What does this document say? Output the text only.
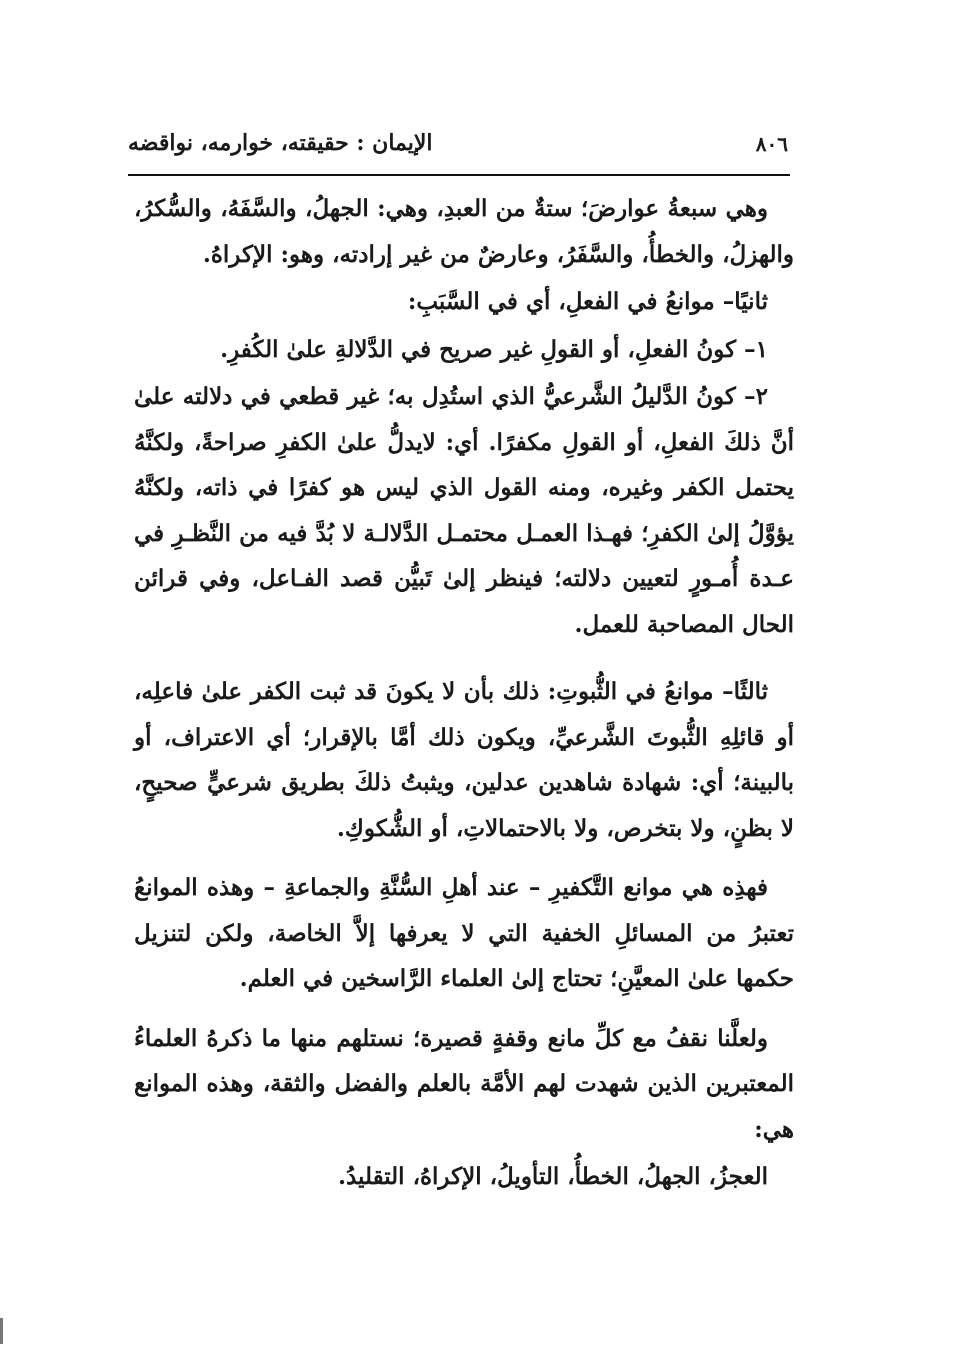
٨٠٦
الإيمان : حقيقته، خوارمه، نواقضه

وهي سبعةُ عوارضَ؛ ستةٌ من العبدِ، وهي: الجهلُ، والسَّفَهُ، والسُّكرُ، والهزلُ، والخطأُ، والسَّفَرُ، وعارضٌ من غير إرادته، وهو: الإكراهُ.

ثانيًا– موانعُ في الفعلِ، أي في السَّبَبِ:

١– كونُ الفعلِ، أو القولِ غير صريح في الدَّلالةِ علىٰ الكُفرِ.

٢– كونُ الدَّليلُ الشَّرعيُّ الذي استُدِل به؛ غير قطعي في دلالته علىٰ أنَّ ذلكَ الفعلِ، أو القولِ مكفرًا. أي: لايدلُّ علىٰ الكفرِ صراحةً، ولكنَّهُ يحتمل الكفر وغيره، ومنه القول الذي ليس هو كفرًا في ذاته، ولكنَّهُ يؤوَّلُ إلىٰ الكفرِ؛ فهـذا العمـل محتمـل الدَّلالـة لا بُدَّ فيه من النَّظـرِ في عـدة أُمـورٍ لتعيين دلالته؛ فينظر إلىٰ تَبيُّن قصد الفـاعل، وفي قرائن الحال المصاحبة للعمل.

ثالثًا– موانعُ في الثُّبوتِ: ذلك بأن لا يكونَ قد ثبت الكفر علىٰ فاعلِه، أو قائلِهِ الثُّبوتَ الشَّرعيِّ، ويكون ذلك أمَّا بالإقرار؛ أي الاعتراف، أو بالبينة؛ أي: شهادة شاهدين عدلين، ويثبتُ ذلكَ بطريق شرعيٍّ صحيحٍ، لا بظنٍ، ولا بتخرص، ولا بالاحتمالاتِ، أو الشُّكوكِ.

فهذِه هي موانع التَّكفيرِ – عند أهلِ السُّنَّةِ والجماعةِ – وهذه الموانعُ تعتبرُ من المسائلِ الخفية التي لا يعرفها إلاَّ الخاصة، ولكن لتنزيل حكمها علىٰ المعيَّنِ؛ تحتاج إلىٰ العلماء الرَّاسخين في العلم.

ولعلَّنا نقفُ مع كلِّ مانع وقفةٍ قصيرة؛ نستلهم منها ما ذكرهُ العلماءُ المعتبرين الذين شهدت لهم الأمَّة بالعلم والفضل والثقة، وهذه الموانع هي:

العجزُ، الجهلُ، الخطأُ، التأويلُ، الإكراهُ، التقليدُ.
